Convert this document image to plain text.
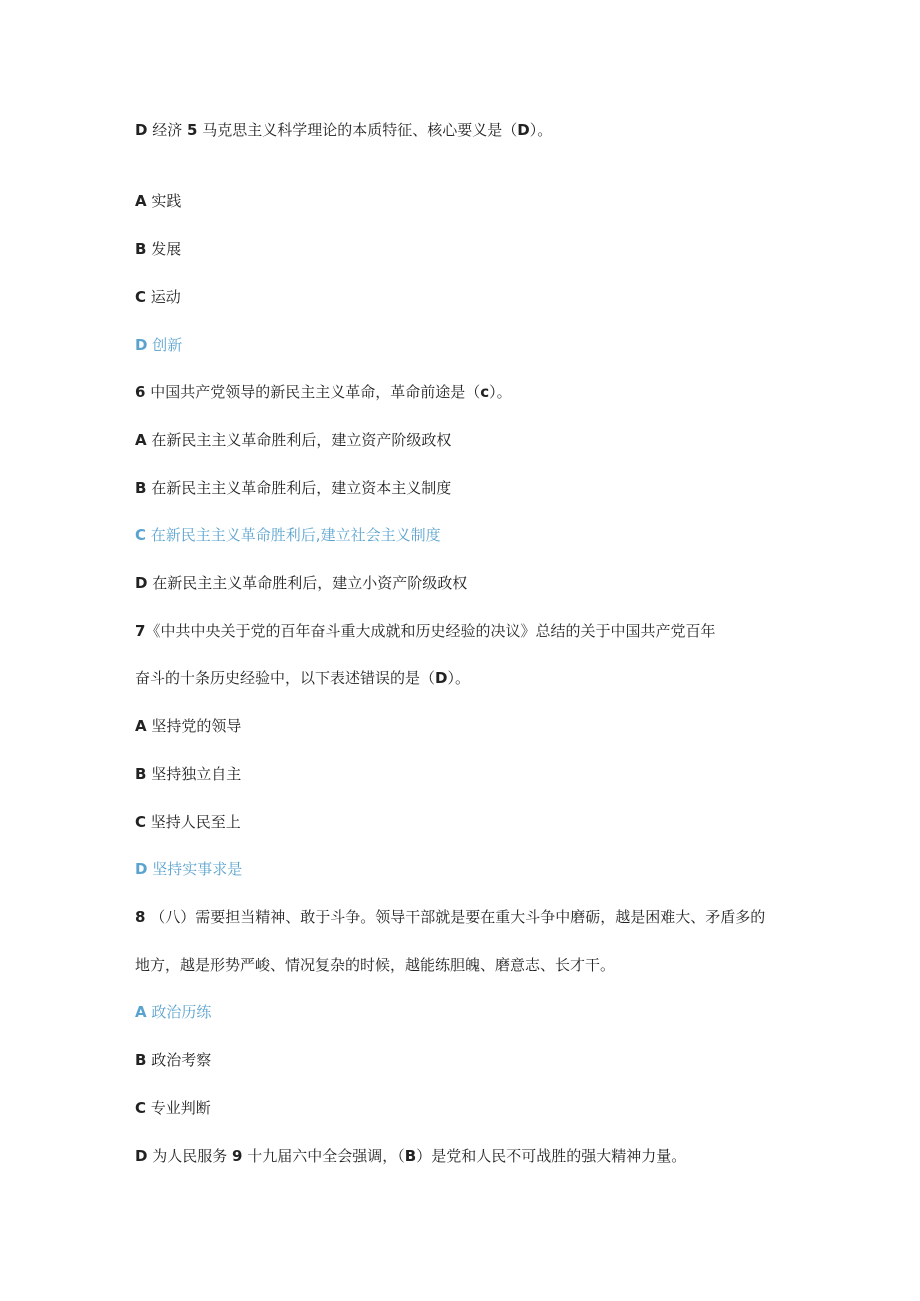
D 经济 5 马克思主义科学理论的本质特征、核心要义是（D）。
A 实践
B 发展
C 运动
D 创新
6 中国共产党领导的新民主主义革命，革命前途是（c）。
A 在新民主主义革命胜利后，建立资产阶级政权
B 在新民主主义革命胜利后，建立资本主义制度
C 在新民主主义革命胜利后,建立社会主义制度
D 在新民主主义革命胜利后，建立小资产阶级政权
7《中共中央关于党的百年奋斗重大成就和历史经验的决议》总结的关于中国共产党百年
奋斗的十条历史经验中，以下表述错误的是（D）。
A 坚持党的领导
B 坚持独立自主
C 坚持人民至上
D 坚持实事求是
8 （八）需要担当精神、敢于斗争。领导干部就是要在重大斗争中磨砺，越是困难大、矛盾多的
地方，越是形势严峻、情况复杂的时候，越能练胆魄、磨意志、长才干。
A 政治历练
B 政治考察
C 专业判断
D 为人民服务 9 十九届六中全会强调，（B）是党和人民不可战胜的强大精神力量。
